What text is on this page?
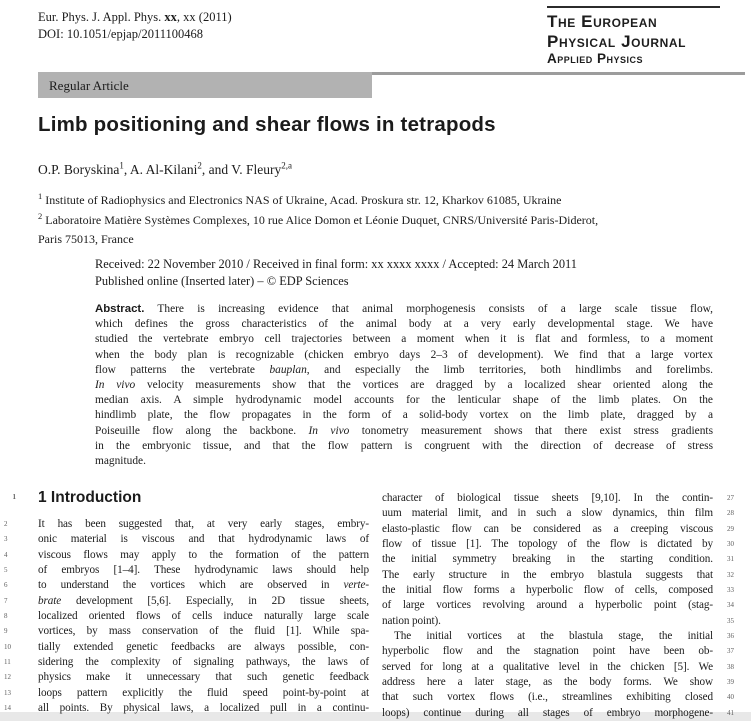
Eur. Phys. J. Appl. Phys. xx, xx (2011)
DOI: 10.1051/epjap/2011100468
The European
Physical Journal
Applied Physics
Regular Article
Limb positioning and shear flows in tetrapods
O.P. Boryskina$^1$, A. Al-Kilani$^2$, and V. Fleury$^{2,a}$
$^1$ Institute of Radiophysics and Electronics NAS of Ukraine, Acad. Proskura str. 12, Kharkov 61085, Ukraine
$^2$ Laboratoire Matière Systèmes Complexes, 10 rue Alice Domon et Léonie Duquet, CNRS/Université Paris-Diderot,
Paris 75013, France
Received: 22 November 2010 / Received in final form: xx xxxx xxxx / Accepted: 24 March 2011
Published online (Inserted later) – © EDP Sciences
Abstract. There is increasing evidence that animal morphogenesis consists of a large scale tissue flow,
which defines the gross characteristics of the animal body at a very early developmental stage. We have
studied the vertebrate embryo cell trajectories between a moment when it is flat and formless, to a moment
when the body plan is recognizable (chicken embryo days 2–3 of development). We find that a large vortex
flow patterns the vertebrate bauplan, and especially the limb territories, both hindlimbs and forelimbs.
In vivo velocity measurements show that the vortices are dragged by a localized shear oriented along the
median axis. A simple hydrodynamic model accounts for the lenticular shape of the limb plates. On the
hindlimb plate, the flow propagates in the form of a solid-body vortex on the limb plate, dragged by a
Poiseuille flow along the backbone. In vivo tonometry measurement shows that there exist stress gradients
in the embryonic tissue, and that the flow pattern is congruent with the direction of decrease of stress
magnitude.
1 1 Introduction
2	It has been suggested that, at very early stages, embry-
3	onic material is viscous and that hydrodynamic laws of
4	viscous flows may apply to the formation of the pattern
5	of embryos [1–4]. These hydrodynamic laws should help
6	to understand the vortices which are observed in verte-
7	brate development [5,6]. Especially, in 2D tissue sheets,
8	localized oriented flows of cells induce naturally large scale
9	vortices, by mass conservation of the fluid [1]. While spa-
10	tially extended genetic feedbacks are always possible, con-
11	sidering the complexity of signaling pathways, the laws of
12	physics make it unnecessary that such genetic feedback
13	loops pattern explicitly the fluid speed point-by-point at
14	all points. By physical laws, a localized pull in a continu-
27
character of biological tissue sheets [9,10]. In the contin-
28
uum material limit, and in such a slow dynamics, thin film
29
elasto-plastic flow can be considered as a creeping viscous
30
flow of tissue [1]. The topology of the flow is dictated by
31
the initial symmetry breaking in the starting condition.
32
The early structure in the embryo blastula suggests that
33
the initial flow forms a hyperbolic flow of cells, composed
34
of large vortices revolving around a hyperbolic point (stag-
35
nation point).
36
The initial vortices at the blastula stage, the initial
37
hyperbolic flow and the stagnation point have been ob-
38
served for long at a qualitative level in the chicken [5]. We
39
address here a later stage, as the body forms. We show
40
that such vortex flows (i.e., streamlines exhibiting closed
41
loops) continue during all stages of embryo morphogene-
